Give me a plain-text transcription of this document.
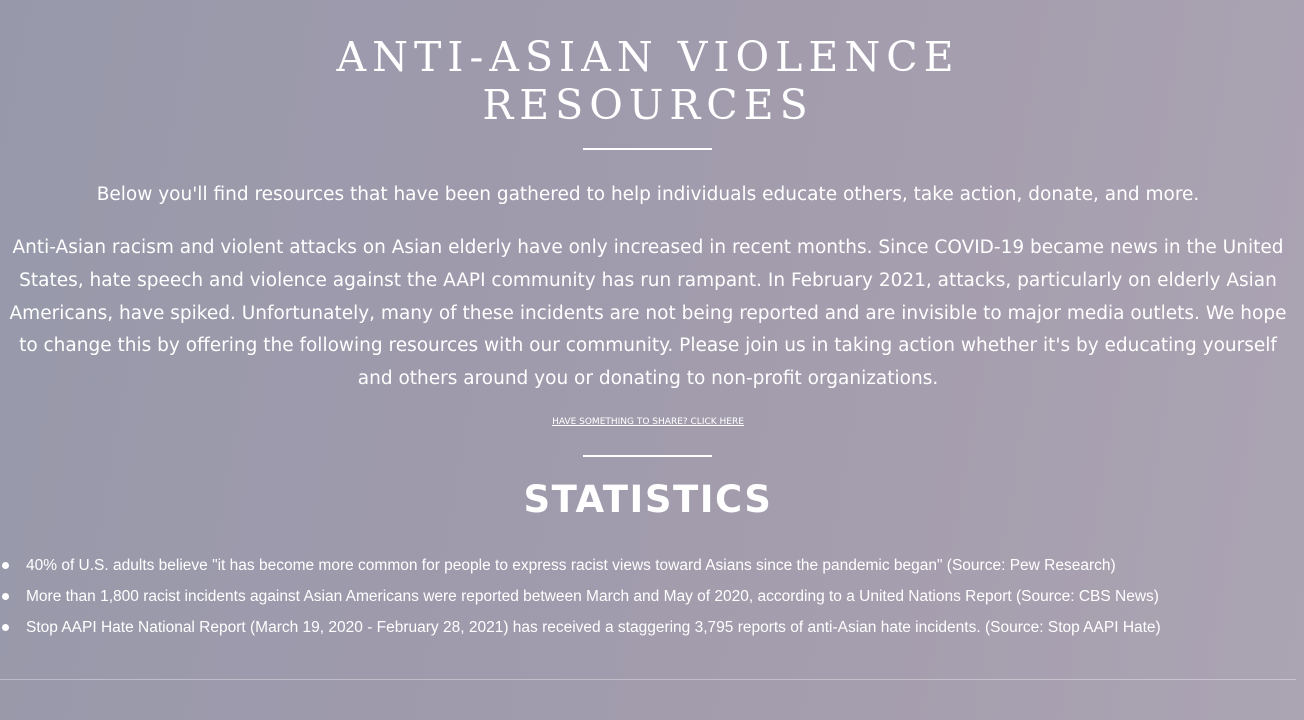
ANTI-ASIAN VIOLENCE
RESOURCES

Below you'll find resources that have been gathered to help individuals educate others, take action, donate, and more.

Anti-Asian racism and violent attacks on Asian elderly have only increased in recent months. Since COVID-19 became news in the United States, hate speech and violence against the AAPI community has run rampant. In February 2021, attacks, particularly on elderly Asian Americans, have spiked. Unfortunately, many of these incidents are not being reported and are invisible to major media outlets. We hope to change this by offering the following resources with our community. Please join us in taking action whether it's by educating yourself and others around you or donating to non-profit organizations.

HAVE SOMETHING TO SHARE? CLICK HERE
STATISTICS
40% of U.S. adults believe "it has become more common for people to express racist views toward Asians since the pandemic began" (Source: Pew Research)
More than 1,800 racist incidents against Asian Americans were reported between March and May of 2020, according to a United Nations Report (Source: CBS News)
Stop AAPI Hate National Report (March 19, 2020 - February 28, 2021) has received a staggering 3,795 reports of anti-Asian hate incidents. (Source: Stop AAPI Hate)
